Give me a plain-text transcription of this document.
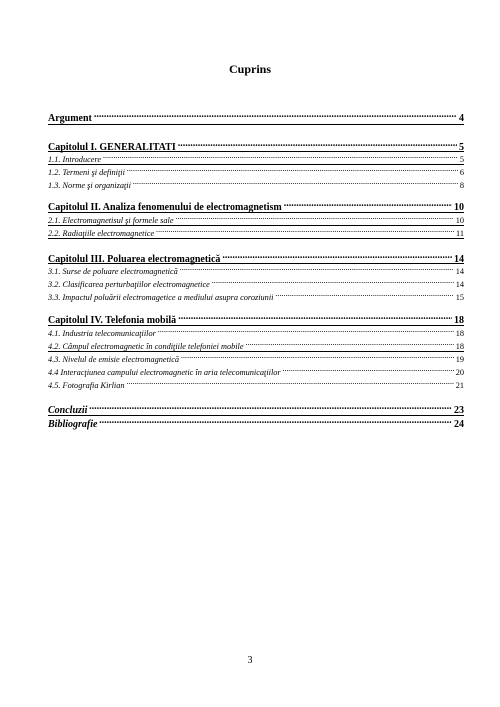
Cuprins
Argument .....	4
Capitolul I. GENERALITATI .....	5
1.1. Introducere .....	5
1.2. Termeni şi definiţii .....	6
1.3. Norme şi organizaţii .....	8
Capitolul II. Analiza fenomenului de electromagnetism .....	10
2.1. Electromagnetisul şi formele sale .....	10
2.2. Radiaţiile electromagnetice .....	11
Capitolul III. Poluarea electromagnetică .....	14
3.1. Surse de poluare electromagnetică .....	14
3.2. Clasificarea perturbaţiilor electromagnetice .....	14
3.3. Impactul poluării electromagetice a mediului asupra coroziunii .....	15
Capitolul IV. Telefonia mobilă .....	18
4.1. Industria telecomunicaţiilor .....	18
4.2. Câmpul electromagnetic în condiţiile telefoniei mobile .....	18
4.3. Nivelul de emisie electromagnetică .....	19
4.4 Interacţiunea campului electromagnetic în aria telecomunicaţiilor .....	20
4.5. Fotografia Kirlian .....	21
Concluzii .....	23
Bibliografie .....	24
3
